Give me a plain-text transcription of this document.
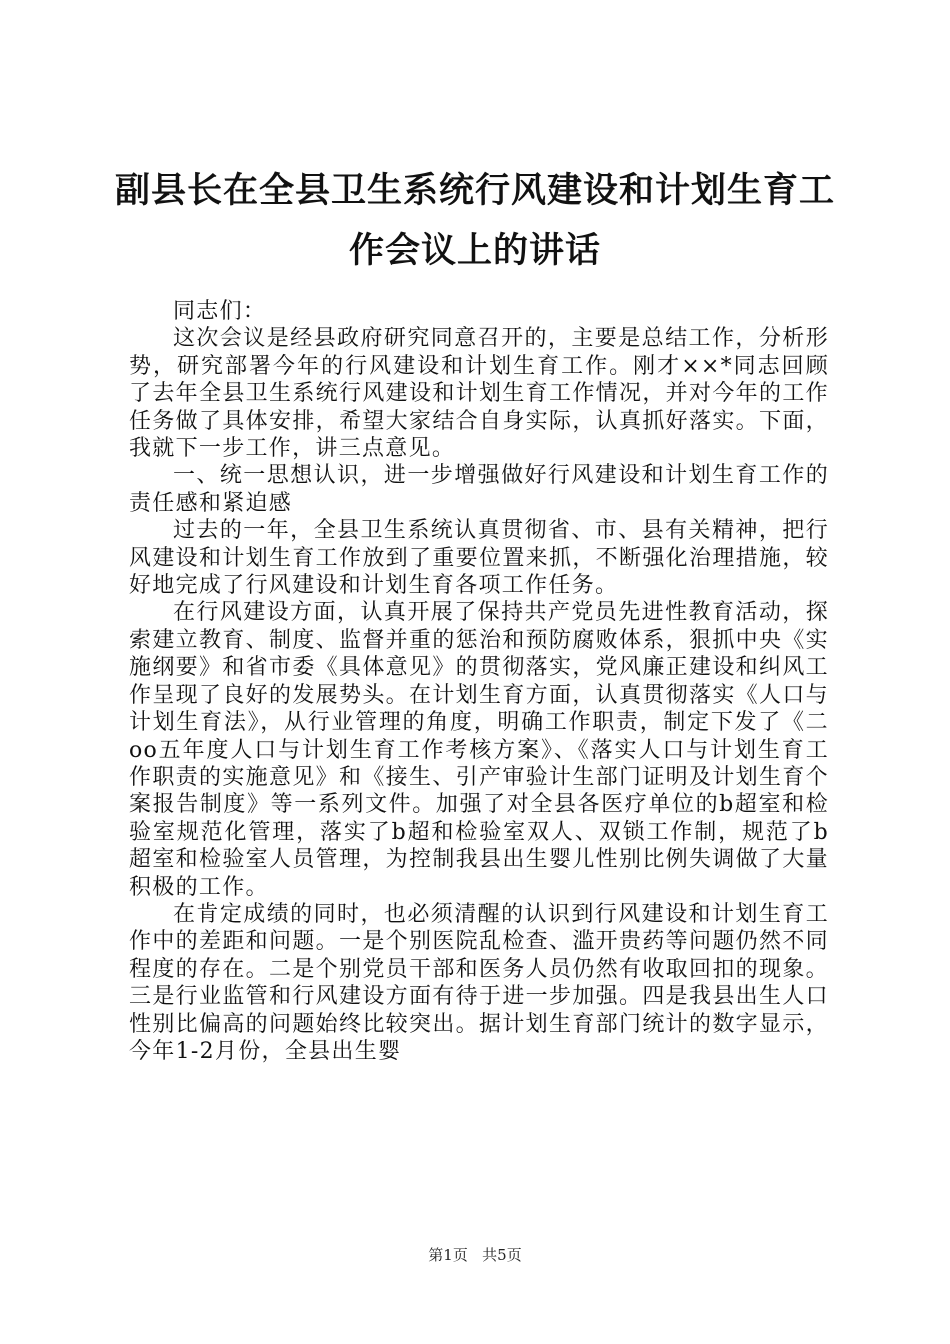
副县长在全县卫生系统行风建设和计划生育工
作会议上的讲话

同志们：

这次会议是经县政府研究同意召开的，主要是总结工作，分析形势，研究部署今年的行风建设和计划生育工作。刚才××*同志回顾了去年全县卫生系统行风建设和计划生育工作情况，并对今年的工作任务做了具体安排，希望大家结合自身实际，认真抓好落实。下面，我就下一步工作，讲三点意见。

一、统一思想认识，进一步增强做好行风建设和计划生育工作的责任感和紧迫感

过去的一年，全县卫生系统认真贯彻省、市、县有关精神，把行风建设和计划生育工作放到了重要位置来抓，不断强化治理措施，较好地完成了行风建设和计划生育各项工作任务。

在行风建设方面，认真开展了保持共产党员先进性教育活动，探索建立教育、制度、监督并重的惩治和预防腐败体系，狠抓中央《实施纲要》和省市委《具体意见》的贯彻落实，党风廉正建设和纠风工作呈现了良好的发展势头。在计划生育方面，认真贯彻落实《人口与计划生育法》，从行业管理的角度，明确工作职责，制定下发了《二oo五年度人口与计划生育工作考核方案》、《落实人口与计划生育工作职责的实施意见》和《接生、引产审验计生部门证明及计划生育个案报告制度》等一系列文件。加强了对全县各医疗单位的b超室和检验室规范化管理，落实了b超和检验室双人、双锁工作制，规范了b超室和检验室人员管理，为控制我县出生婴儿性别比例失调做了大量积极的工作。

在肯定成绩的同时，也必须清醒的认识到行风建设和计划生育工作中的差距和问题。一是个别医院乱检查、滥开贵药等问题仍然不同程度的存在。二是个别党员干部和医务人员仍然有收取回扣的现象。三是行业监管和行风建设方面有待于进一步加强。四是我县出生人口性别比偏高的问题始终比较突出。据计划生育部门统计的数字显示，今年1-2月份，全县出生婴

第1页 共5页
